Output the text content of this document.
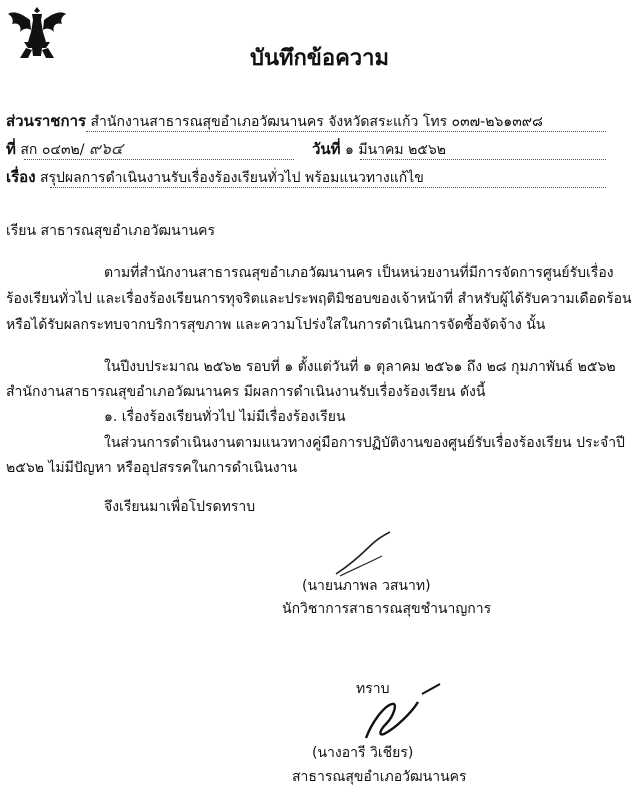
บันทึกข้อความ
ส่วนราชการ สำนักงานสาธารณสุขอำเภอวัฒนานคร จังหวัดสระแก้ว โทร ๐๓๗-๒๖๑๓๙๘
ที่ สก ๐๔๓๒/ ๙๖๔	วันที่ ๑ มีนาคม ๒๕๖๒
เรื่อง สรุปผลการดำเนินงานรับเรื่องร้องเรียนทั่วไป พร้อมแนวทางแก้ไข
เรียน สาธารณสุขอำเภอวัฒนานคร
ตามที่สำนักงานสาธารณสุขอำเภอวัฒนานคร เป็นหน่วยงานที่มีการจัดการศูนย์รับเรื่อง
ร้องเรียนทั่วไป และเรื่องร้องเรียนการทุจริตและประพฤติมิชอบของเจ้าหน้าที่ สำหรับผู้ได้รับความเดือดร้อน
หรือได้รับผลกระทบจากบริการสุขภาพ และความโปร่งใสในการดำเนินการจัดซื้อจัดจ้าง นั้น
ในปีงบประมาณ ๒๕๖๒ รอบที่ ๑ ตั้งแต่วันที่ ๑ ตุลาคม ๒๕๖๑ ถึง ๒๘ กุมภาพันธ์ ๒๕๖๒
สำนักงานสาธารณสุขอำเภอวัฒนานคร มีผลการดำเนินงานรับเรื่องร้องเรียน ดังนี้
๑. เรื่องร้องเรียนทั่วไป ไม่มีเรื่องร้องเรียน
ในส่วนการดำเนินงานตามแนวทางคู่มือการปฏิบัติงานของศูนย์รับเรื่องร้องเรียน ประจำปี
๒๕๖๒ ไม่มีปัญหา หรืออุปสรรคในการดำเนินงาน
จึงเรียนมาเพื่อโปรดทราบ
(นายนภาพล วสนาท)
นักวิชาการสาธารณสุขชำนาญการ
ทราบ
(นางอารี วิเชียร)
สาธารณสุขอำเภอวัฒนานคร
